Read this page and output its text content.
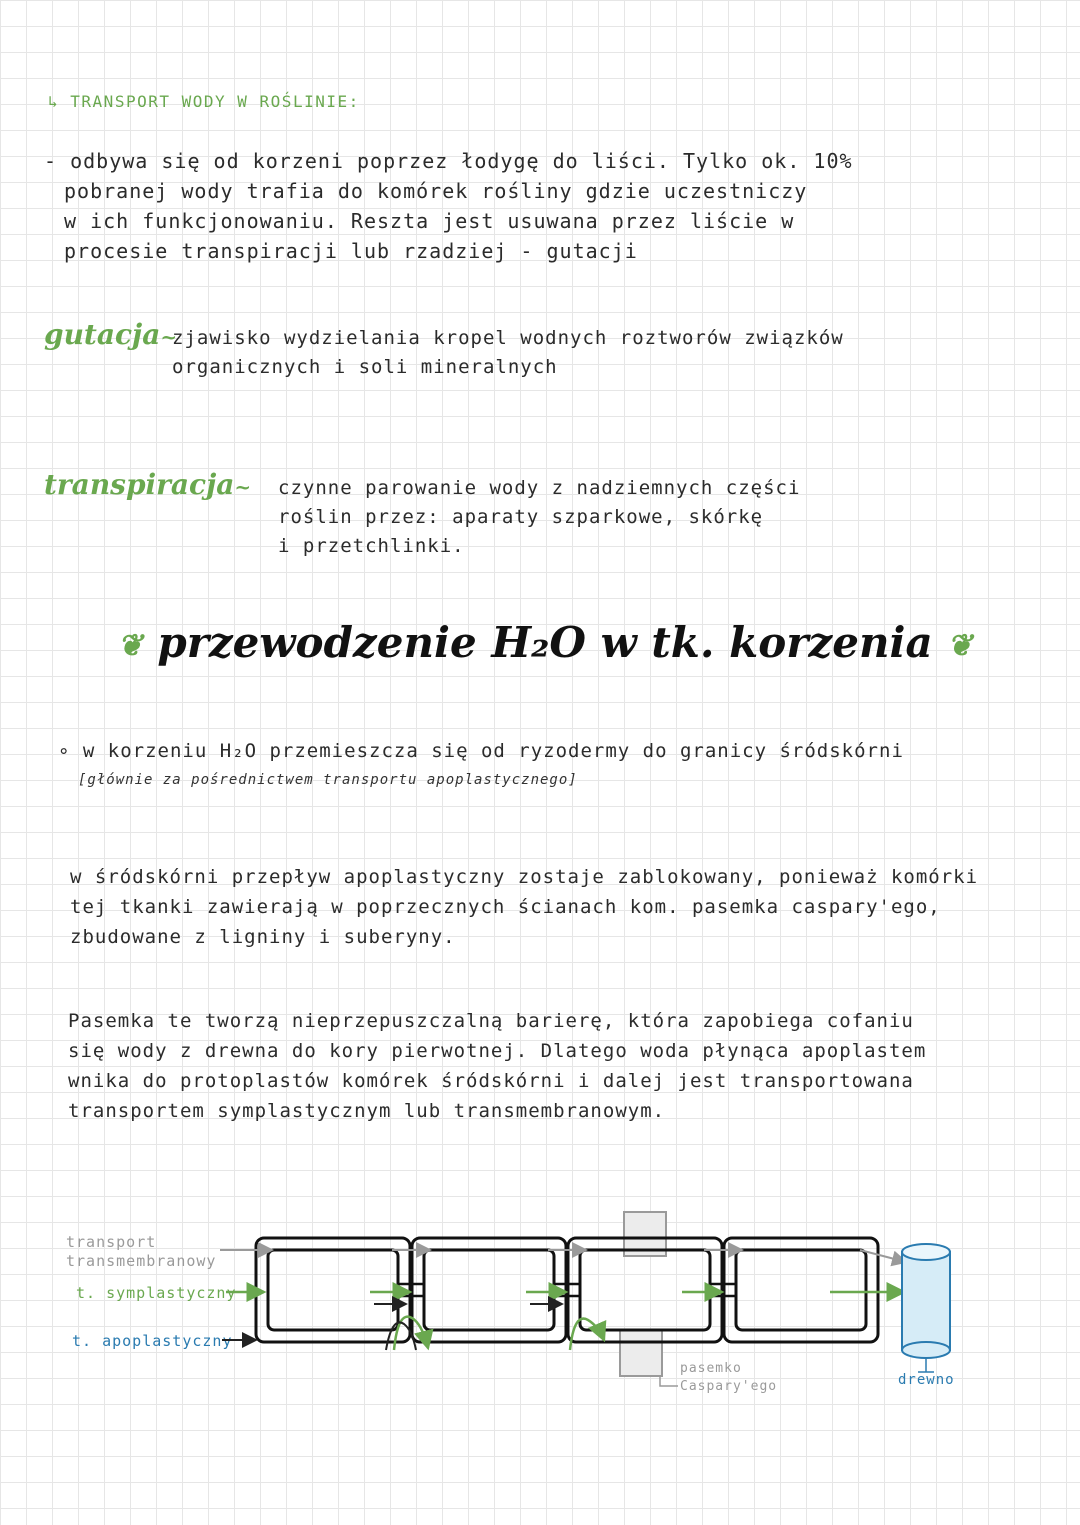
↳ TRANSPORT WODY W ROŚLINIE:

- odbywa się od korzeni poprzez łodygę do liści. Tylko ok. 10%

pobranej wody trafia do komórek rośliny gdzie uczestniczy

w ich funkcjonowaniu. Reszta jest usuwana przez liście w

procesie transpiracji lub rzadziej - gutacji

gutacja~

zjawisko wydzielania kropel wodnych roztworów związków

organicznych i soli mineralnych

transpiracja~ czynne parowanie wody z nadziemnych części

roślin przez: aparaty szparkowe, skórkę

i przetchlinki.

❦ przewodzenie H₂O w tk. korzenia ❦
∘ w korzeniu H₂O przemieszcza się od ryzodermy do granicy śródskórni
[głównie za pośrednictwem transportu apoplastycznego]

w śródskórni przepływ apoplastyczny zostaje zablokowany, ponieważ komórki

tej tkanki zawierają w poprzecznych ścianach kom. pasemka caspary'ego,

zbudowane z ligniny i suberyny.

Pasemka te tworzą nieprzepuszczalną barierę, która zapobiega cofaniu

się wody z drewna do kory pierwotnej. Dlatego woda płynąca apoplastem

wnika do protoplastów komórek śródskórni i dalej jest transportowana

transportem symplastycznym lub transmembranowym.

transport
transmembranowy
t. symplastyczny
t. apoplastyczny
pasemko
Caspary'ego	drewno
